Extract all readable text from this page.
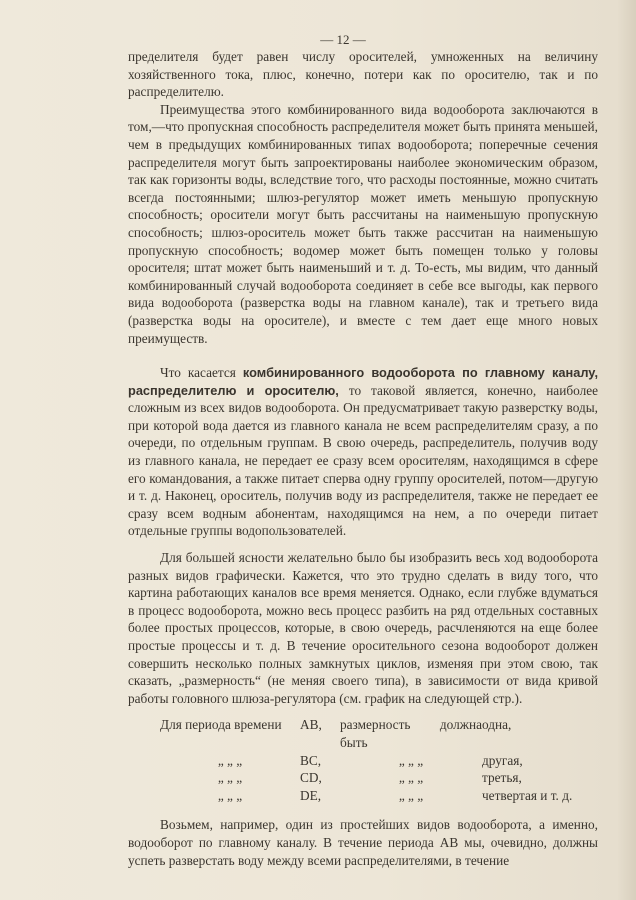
— 12 —

пределителя будет равен числу оросителей, умноженных на величину хозяйственного тока, плюс, конечно, потери как по оросителю, так и по распределителю.

Преимущества этого комбинированного вида водооборота заключаются в том,—что пропускная способность распределителя может быть принята меньшей, чем в предыдущих комбинированных типах водооборота; поперечные сечения распределителя могут быть запроектированы наиболее экономическим образом, так как горизонты воды, вследствие того, что расходы постоянные, можно считать всегда постоянными; шлюз-регулятор может иметь меньшую пропускную способность; оросители могут быть рассчитаны на наименьшую пропускную способность; шлюз-ороситель может быть также рассчитан на наименьшую пропускную способность; водомер может быть помещен только у головы оросителя; штат может быть наименьший и т. д. То-есть, мы видим, что данный комбинированный случай водооборота соединяет в себе все выгоды, как первого вида водооборота (разверстка воды на главном канале), так и третьего вида (разверстка воды на оросителе), и вместе с тем дает еще много новых преимуществ.

Что касается комбинированного водооборота по главному каналу, распределителю и оросителю, то таковой является, конечно, наиболее сложным из всех видов водооборота. Он предусматривает такую разверстку воды, при которой вода дается из главного канала не всем распределителям сразу, а по очереди, по отдельным группам. В свою очередь, распределитель, получив воду из главного канала, не передает ее сразу всем оросителям, находящимся в сфере его командования, а также питает сперва одну группу оросителей, потом—другую и т. д. Наконец, ороситель, получив воду из распределителя, также не передает ее сразу всем водным абонентам, находящимся на нем, а по очереди питает отдельные группы водопользователей.

Для большей ясности желательно было бы изобразить весь ход водооборота разных видов графически. Кажется, что это трудно сделать в виду того, что картина работающих каналов все время меняется. Однако, если глубже вдуматься в процесс водооборота, можно весь процесс разбить на ряд отдельных составных более простых процессов, которые, в свою очередь, расчленяются на еще более простые процессы и т. д. В течение оросительного сезона водооборот должен совершить несколько полных замкнутых циклов, изменяя при этом свою, так сказать, „размерность“ (не меняя своего типа), в зависимости от вида кривой работы головного шлюза-регулятора (см. график на следующей стр.).

Для периода времени	АВ,	размерность должна быть	одна,
„ „ „	ВС,	„ „ „	другая,
„ „ „	CD,	„ „ „	третья,
„ „ „	DE,	„ „ „	четвертая и т. д.

Возьмем, например, один из простейших видов водооборота, а именно, водооборот по главному каналу. В течение периода АВ мы, очевидно, должны успеть разверстать воду между всеми распределителями, в течение
